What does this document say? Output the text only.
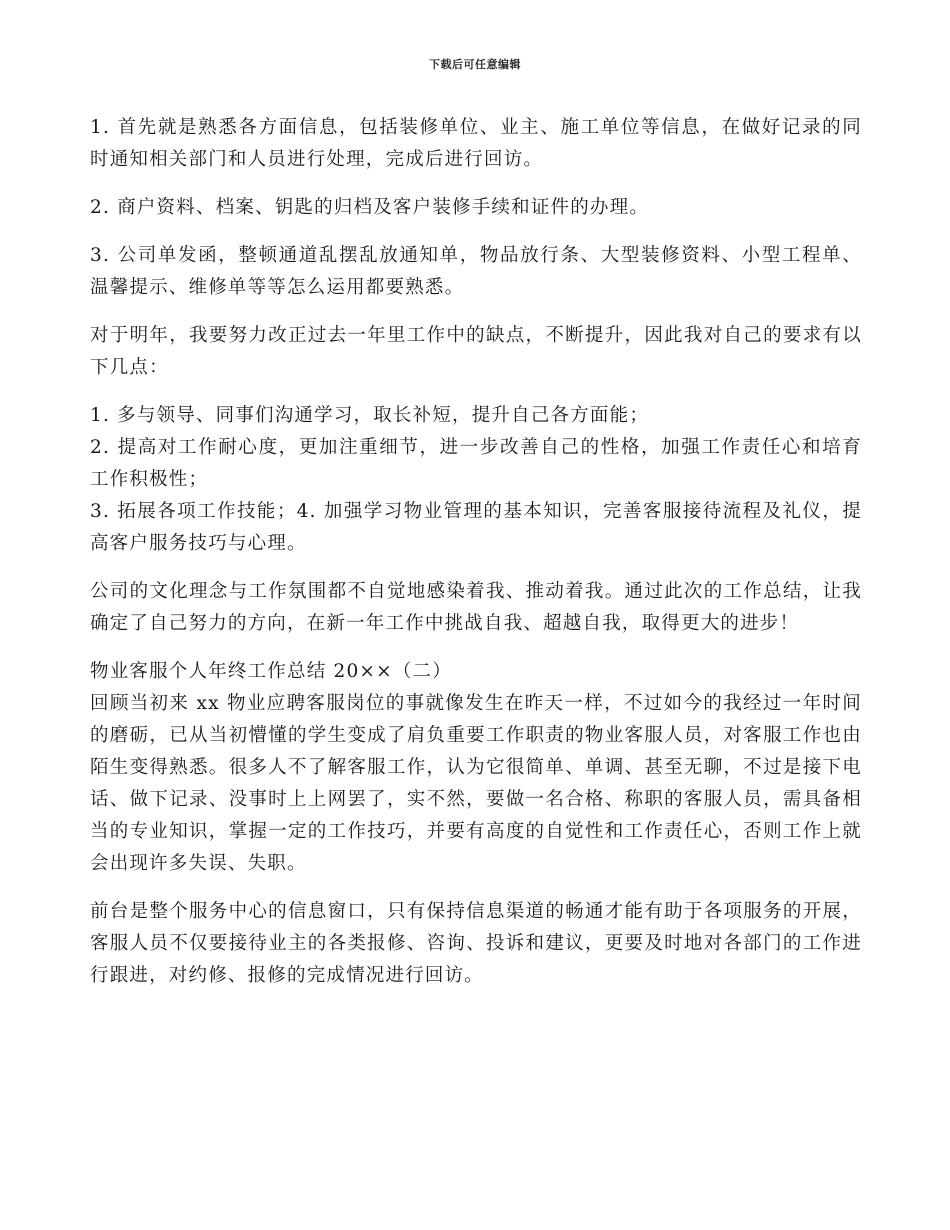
下载后可任意编辑

1. 首先就是熟悉各方面信息，包括装修单位、业主、施工单位等信息，在做好记录的同时通知相关部门和人员进行处理，完成后进行回访。

2. 商户资料、档案、钥匙的归档及客户装修手续和证件的办理。

3. 公司单发函，整顿通道乱摆乱放通知单，物品放行条、大型装修资料、小型工程单、温馨提示、维修单等等怎么运用都要熟悉。

对于明年，我要努力改正过去一年里工作中的缺点，不断提升，因此我对自己的要求有以下几点：

1. 多与领导、同事们沟通学习，取长补短，提升自己各方面能；

2. 提高对工作耐心度，更加注重细节，进一步改善自己的性格，加强工作责任心和培育工作积极性；

3. 拓展各项工作技能；4. 加强学习物业管理的基本知识，完善客服接待流程及礼仪，提高客户服务技巧与心理。

公司的文化理念与工作氛围都不自觉地感染着我、推动着我。通过此次的工作总结，让我确定了自己努力的方向，在新一年工作中挑战自我、超越自我，取得更大的进步！

物业客服个人年终工作总结 20××（二）

回顾当初来 xx 物业应聘客服岗位的事就像发生在昨天一样，不过如今的我经过一年时间的磨砺，已从当初懵懂的学生变成了肩负重要工作职责的物业客服人员，对客服工作也由陌生变得熟悉。很多人不了解客服工作，认为它很简单、单调、甚至无聊，不过是接下电话、做下记录、没事时上上网罢了，实不然，要做一名合格、称职的客服人员，需具备相当的专业知识，掌握一定的工作技巧，并要有高度的自觉性和工作责任心，否则工作上就会出现许多失误、失职。

前台是整个服务中心的信息窗口，只有保持信息渠道的畅通才能有助于各项服务的开展，客服人员不仅要接待业主的各类报修、咨询、投诉和建议，更要及时地对各部门的工作进行跟进，对约修、报修的完成情况进行回访。
